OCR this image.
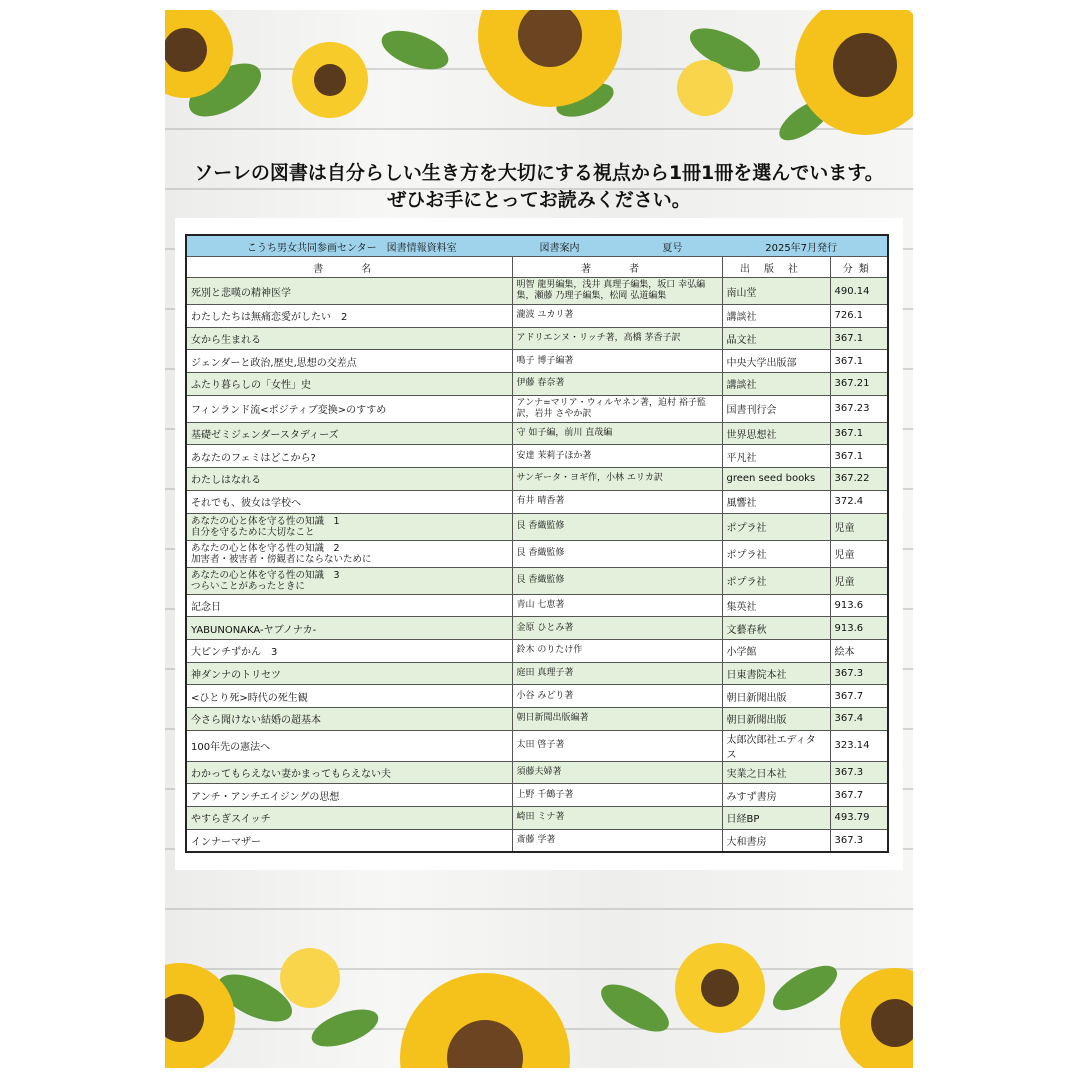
ソーレの図書は自分らしい生き方を大切にする視点から1冊1冊を選んでいます。
ぜひお手にとってお読みください。
こうち男女共同参画センター　図書情報資料室 図書案内 夏号 2025年7月発行			

書　名	著　者	出版社	分類
死別と悲嘆の精神医学	明智 龍男編集，浅井 真理子編集，坂口 幸弘編集，瀬藤 乃理子編集，松岡 弘道編集	南山堂	490.14
わたしたちは無痛恋愛がしたい　2	瀧波 ユカリ著	講談社	726.1
女から生まれる	アドリエンヌ・リッチ著，高橋 茅香子訳	晶文社	367.1
ジェンダーと政治,歴史,思想の交差点	鳴子 博子編著	中央大学出版部	367.1
ふたり暮らしの「女性」史	伊藤 春奈著	講談社	367.21
フィンランド流<ポジティブ変換>のすすめ	アンナ=マリア・ウィルヤネン著，迫村 裕子監訳，岩井 さやか訳	国書刊行会	367.23
基礎ゼミジェンダースタディーズ	守 如子編，前川 直哉編	世界思想社	367.1
あなたのフェミはどこから?	安達 茉莉子ほか著	平凡社	367.1
わたしはなれる	サンギータ・ヨギ作，小林 エリカ訳	green seed books	367.22
それでも、彼女は学校へ	有井 晴香著	風響社	372.4

あなたの心と体を守る性の知識　1
自分を守るために大切なこと	艮 香織監修	ポプラ社	児童

あなたの心と体を守る性の知識　2
加害者・被害者・傍観者にならないために	艮 香織監修	ポプラ社	児童

あなたの心と体を守る性の知識　3
つらいことがあったときに	艮 香織監修	ポプラ社	児童
記念日	青山 七恵著	集英社	913.6
YABUNONAKA-ヤブノナカ-	金原 ひとみ著	文藝春秋	913.6
大ピンチずかん　3	鈴木 のりたけ作	小学館	絵本
神ダンナのトリセツ	庭田 真理子著	日東書院本社	367.3
<ひとり死>時代の死生観	小谷 みどり著	朝日新聞出版	367.7
今さら聞けない結婚の超基本	朝日新聞出版編著	朝日新聞出版	367.4
100年先の憲法へ	太田 啓子著	太郎次郎社エディタス	323.14
わかってもらえない妻かまってもらえない夫	須藤夫婦著	実業之日本社	367.3
アンチ・アンチエイジングの思想	上野 千鶴子著	みすず書房	367.7
やすらぎスイッチ	崎田 ミナ著	日経BP	493.79
インナーマザー	斎藤 学著	大和書房	367.3
